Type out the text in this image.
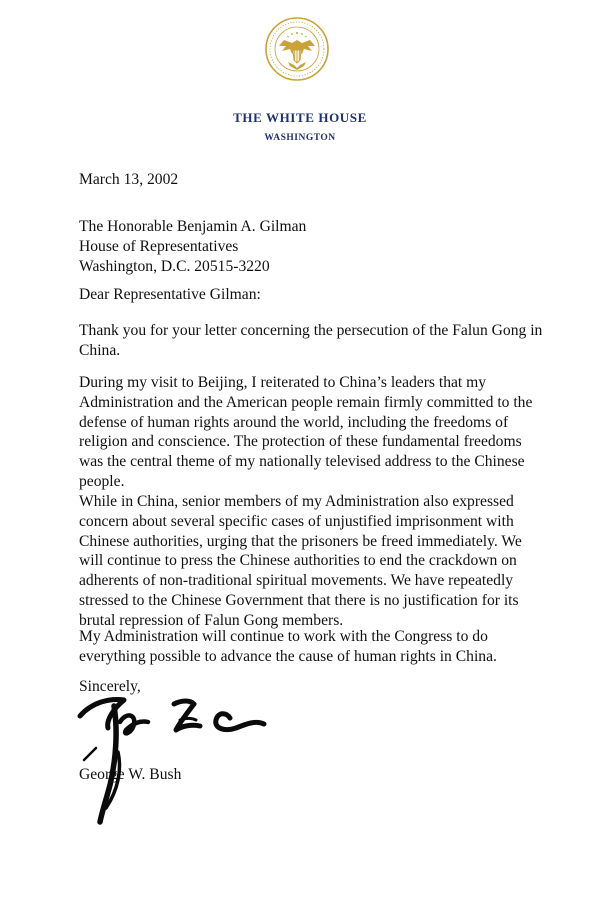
THE WHITE HOUSE
WASHINGTON
March 13, 2002
The Honorable Benjamin A. Gilman
House of Representatives
Washington, D.C. 20515-3220
Dear Representative Gilman:
Thank you for your letter concerning the persecution of the Falun Gong in
China.
During my visit to Beijing, I reiterated to China’s leaders that my
Administration and the American people remain firmly committed to the
defense of human rights around the world, including the freedoms of
religion and conscience. The protection of these fundamental freedoms
was the central theme of my nationally televised address to the Chinese
people.
While in China, senior members of my Administration also expressed
concern about several specific cases of unjustified imprisonment with
Chinese authorities, urging that the prisoners be freed immediately. We
will continue to press the Chinese authorities to end the crackdown on
adherents of non-traditional spiritual movements. We have repeatedly
stressed to the Chinese Government that there is no justification for its
brutal repression of Falun Gong members.
My Administration will continue to work with the Congress to do
everything possible to advance the cause of human rights in China.
Sincerely,
George W. Bush
